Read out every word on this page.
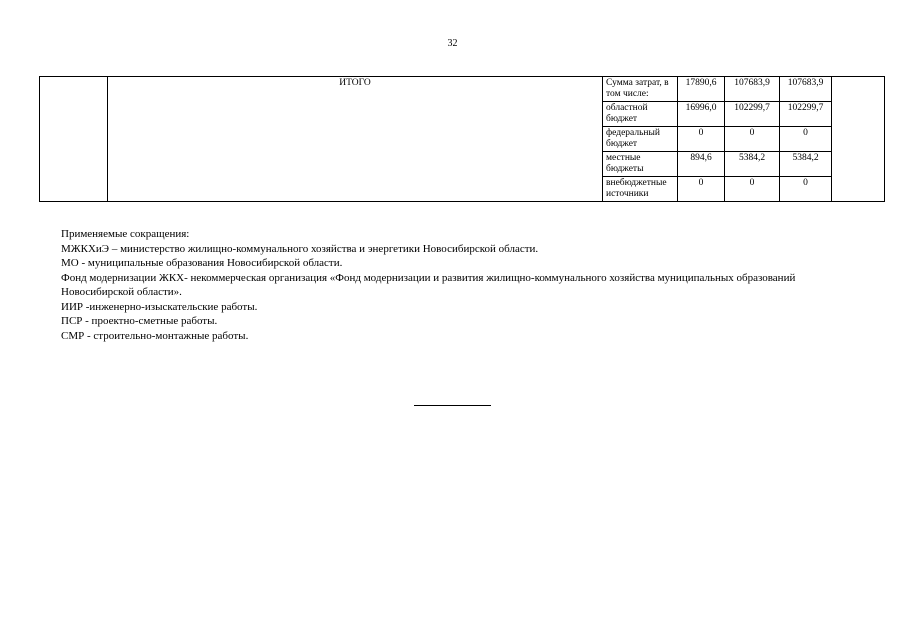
32
	ИТОГО	Сумма затрат, в том числе:	17890,6	107683,9	107683,9	
		областной бюджет	16996,0	102299,7	102299,7	
		федеральный бюджет	0	0	0	
		местные бюджеты	894,6	5384,2	5384,2	
		внебюджетные источники	0	0	0	
Применяемые сокращения:
МЖКХиЭ – министерство жилищно-коммунального хозяйства и энергетики Новосибирской области.
МО - муниципальные образования Новосибирской области.
Фонд модернизации ЖКХ- некоммерческая организация «Фонд модернизации и развития жилищно-коммунального хозяйства муниципальных образований Новосибирской области».
ИИР -инженерно-изыскательские работы.
ПСР - проектно-сметные работы.
СМР - строительно-монтажные работы.
